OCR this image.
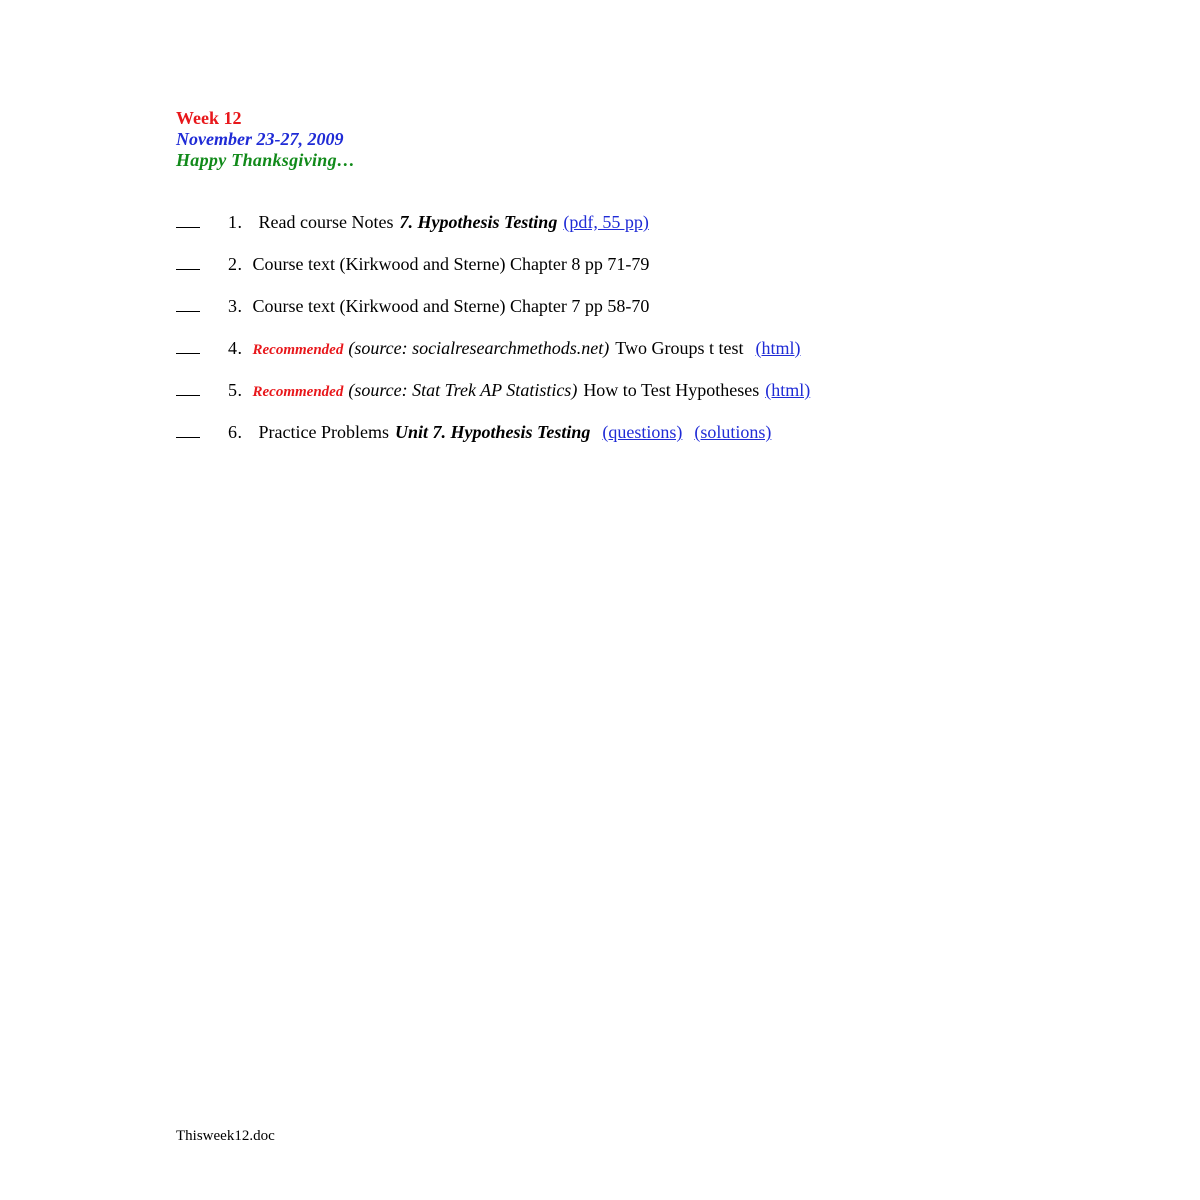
Week 12
November 23-27, 2009
Happy Thanksgiving…
1. Read course Notes 7. Hypothesis Testing (pdf, 55 pp)
2. Course text (Kirkwood and Sterne) Chapter 8 pp 71-79
3. Course text (Kirkwood and Sterne) Chapter 7 pp 58-70
4. Recommended (source: socialresearchmethods.net) Two Groups t test (html)
5. Recommended (source: Stat Trek AP Statistics) How to Test Hypotheses (html)
6. Practice Problems Unit 7. Hypothesis Testing (questions) (solutions)
Thisweek12.doc
